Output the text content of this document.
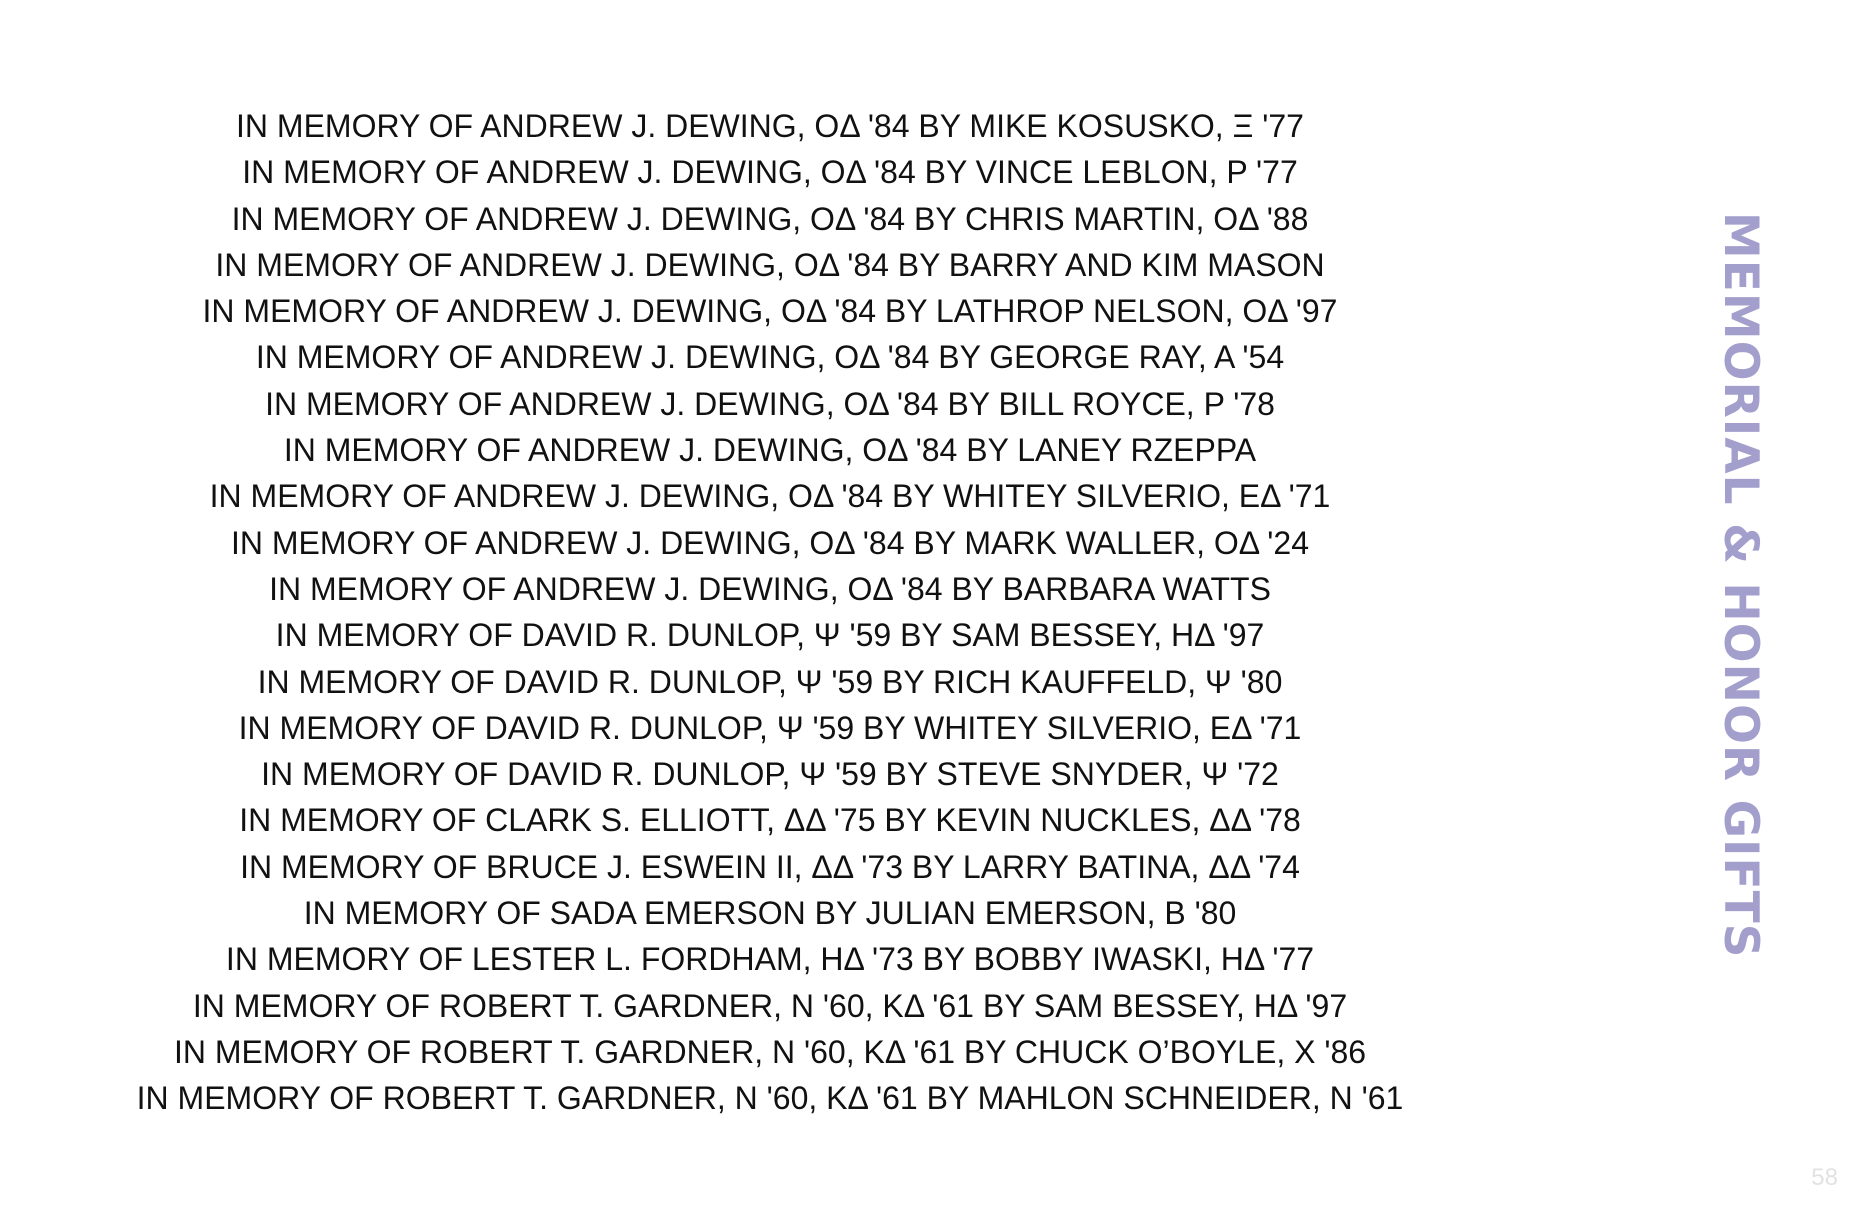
IN MEMORY OF ANDREW J. DEWING, OΔ '84 BY MIKE KOSUSKO, Ξ '77
IN MEMORY OF ANDREW J. DEWING, OΔ '84 BY VINCE LEBLON, P '77
IN MEMORY OF ANDREW J. DEWING, OΔ '84 BY CHRIS MARTIN, OΔ '88
IN MEMORY OF ANDREW J. DEWING, OΔ '84 BY BARRY AND KIM MASON
IN MEMORY OF ANDREW J. DEWING, OΔ '84 BY LATHROP NELSON, OΔ '97
IN MEMORY OF ANDREW J. DEWING, OΔ '84 BY GEORGE RAY, A '54
IN MEMORY OF ANDREW J. DEWING, OΔ '84 BY BILL ROYCE, P '78
IN MEMORY OF ANDREW J. DEWING, OΔ '84 BY LANEY RZEPPA
IN MEMORY OF ANDREW J. DEWING, OΔ '84 BY WHITEY SILVERIO, EΔ '71
IN MEMORY OF ANDREW J. DEWING, OΔ '84 BY MARK WALLER, OΔ '24
IN MEMORY OF ANDREW J. DEWING, OΔ '84 BY BARBARA WATTS
IN MEMORY OF DAVID R. DUNLOP, Ψ '59 BY SAM BESSEY, HΔ '97
IN MEMORY OF DAVID R. DUNLOP, Ψ '59 BY RICH KAUFFELD, Ψ '80
IN MEMORY OF DAVID R. DUNLOP, Ψ '59 BY WHITEY SILVERIO, EΔ '71
IN MEMORY OF DAVID R. DUNLOP, Ψ '59 BY STEVE SNYDER, Ψ '72
IN MEMORY OF CLARK S. ELLIOTT, ΔΔ '75 BY KEVIN NUCKLES, ΔΔ '78
IN MEMORY OF BRUCE J. ESWEIN II, ΔΔ '73 BY LARRY BATINA, ΔΔ '74
IN MEMORY OF SADA EMERSON BY JULIAN EMERSON, B '80
IN MEMORY OF LESTER L. FORDHAM, HΔ '73 BY BOBBY IWASKI, HΔ '77
IN MEMORY OF ROBERT T. GARDNER, N '60, KΔ '61 BY SAM BESSEY, HΔ '97
IN MEMORY OF ROBERT T. GARDNER, N '60, KΔ '61 BY CHUCK O’BOYLE, X '86
IN MEMORY OF ROBERT T. GARDNER, N '60, KΔ '61 BY MAHLON SCHNEIDER, N '61
MEMORIAL & HONOR GIFTS
58
